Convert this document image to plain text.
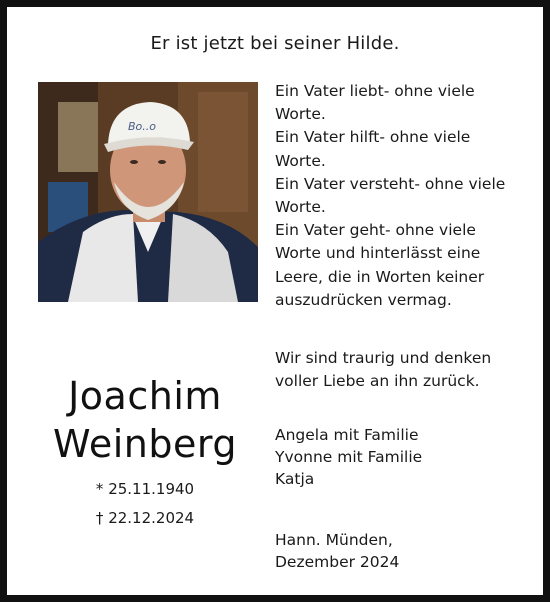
Er ist jetzt bei seiner Hilde.
Bo..o
Ein Vater liebt- ohne viele
Worte.
Ein Vater hilft- ohne viele
Worte.
Ein Vater versteht- ohne viele
Worte.
Ein Vater geht- ohne viele
Worte und hinterlässt eine
Leere, die in Worten keiner
auszudrücken vermag.
Wir sind traurig und denken
voller Liebe an ihn zurück.
Joachim
Weinberg
* 25.11.1940
† 22.12.2024
Angela mit Familie
Yvonne mit Familie
Katja
Hann. Münden,
Dezember 2024
